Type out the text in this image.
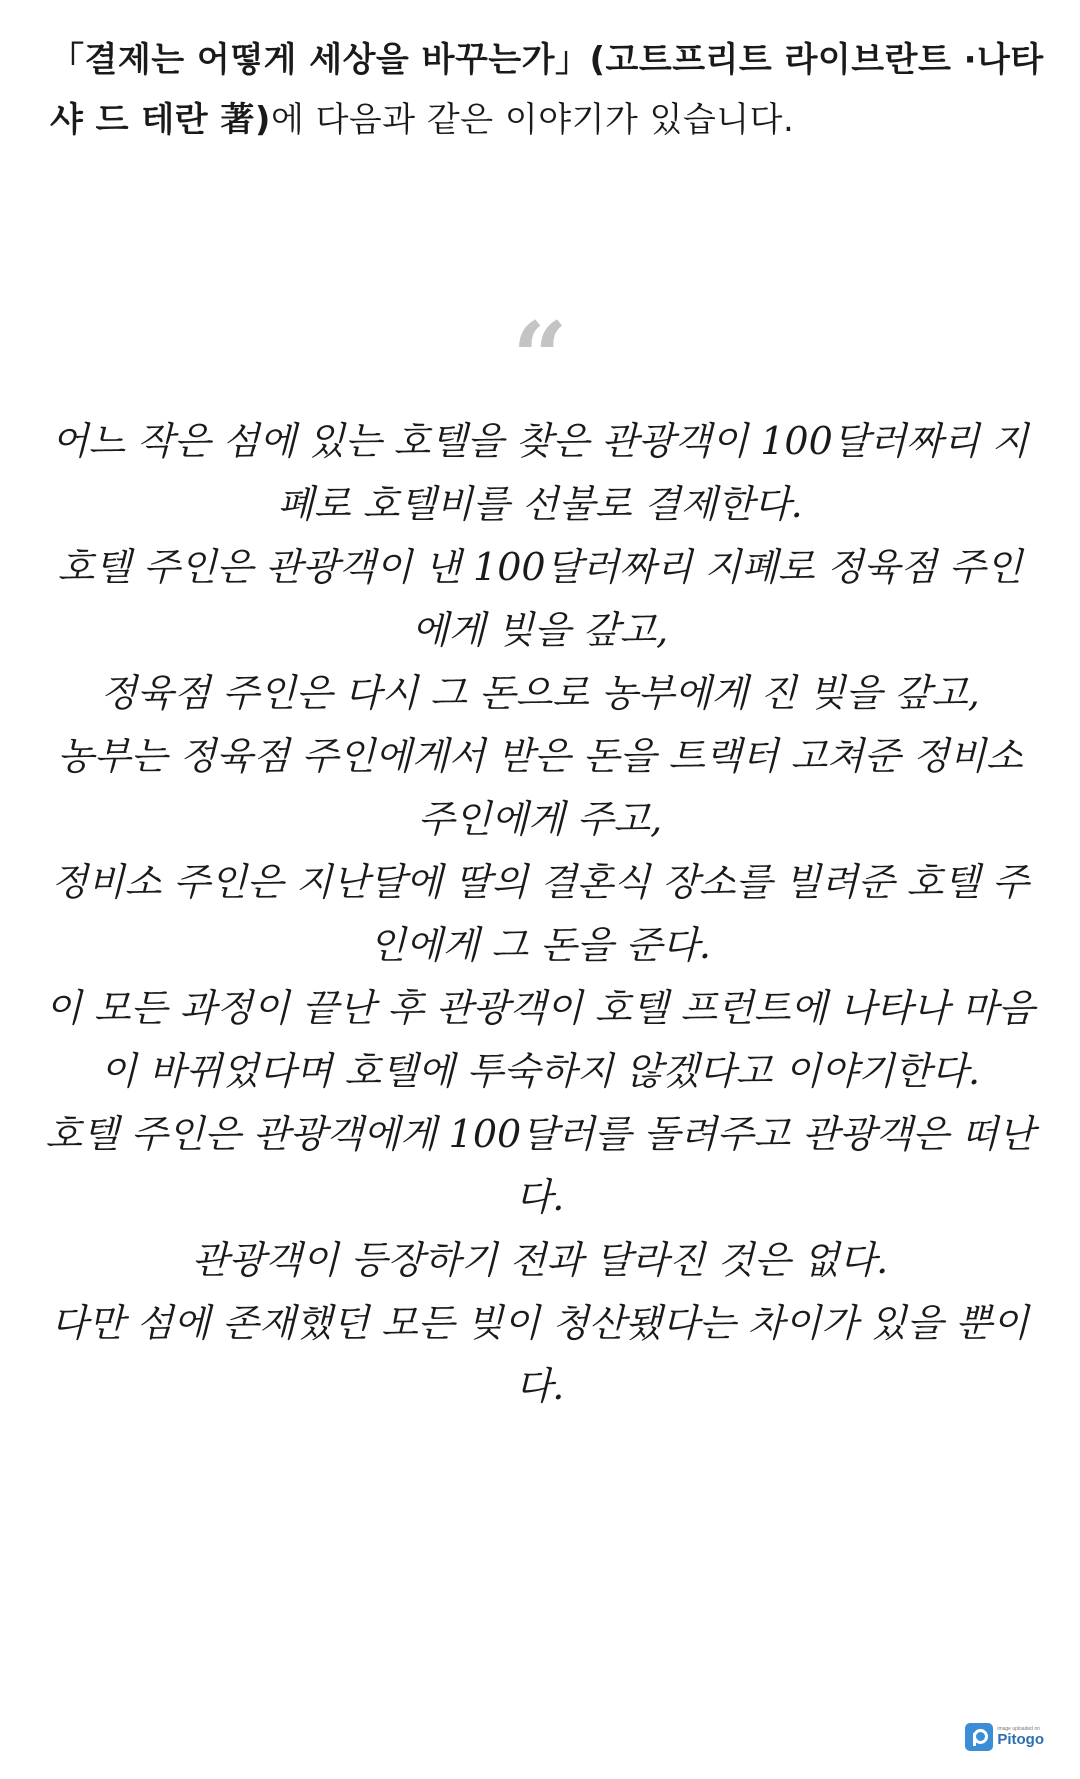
「결제는 어떻게 세상을 바꾸는가」(고트프리트 라이브란트 ·나타샤 드 테란 著)에 다음과 같은 이야기가 있습니다.
“
어느 작은 섬에 있는 호텔을 찾은 관광객이 100달러짜리 지폐로 호텔비를 선불로 결제한다.
호텔 주인은 관광객이 낸 100달러짜리 지폐로 정육점 주인에게 빚을 갚고,
정육점 주인은 다시 그 돈으로 농부에게 진 빚을 갚고,
농부는 정육점 주인에게서 받은 돈을 트랙터 고쳐준 정비소 주인에게 주고,
정비소 주인은 지난달에 딸의 결혼식 장소를 빌려준 호텔 주인에게 그 돈을 준다.
이 모든 과정이 끝난 후 관광객이 호텔 프런트에 나타나 마음이 바뀌었다며 호텔에 투숙하지 않겠다고 이야기한다.
호텔 주인은 관광객에게 100달러를 돌려주고 관광객은 떠난다.
관광객이 등장하기 전과 달라진 것은 없다.
다만 섬에 존재했던 모든 빚이 청산됐다는 차이가 있을 뿐이다.
image uploaded on
Pitogo
